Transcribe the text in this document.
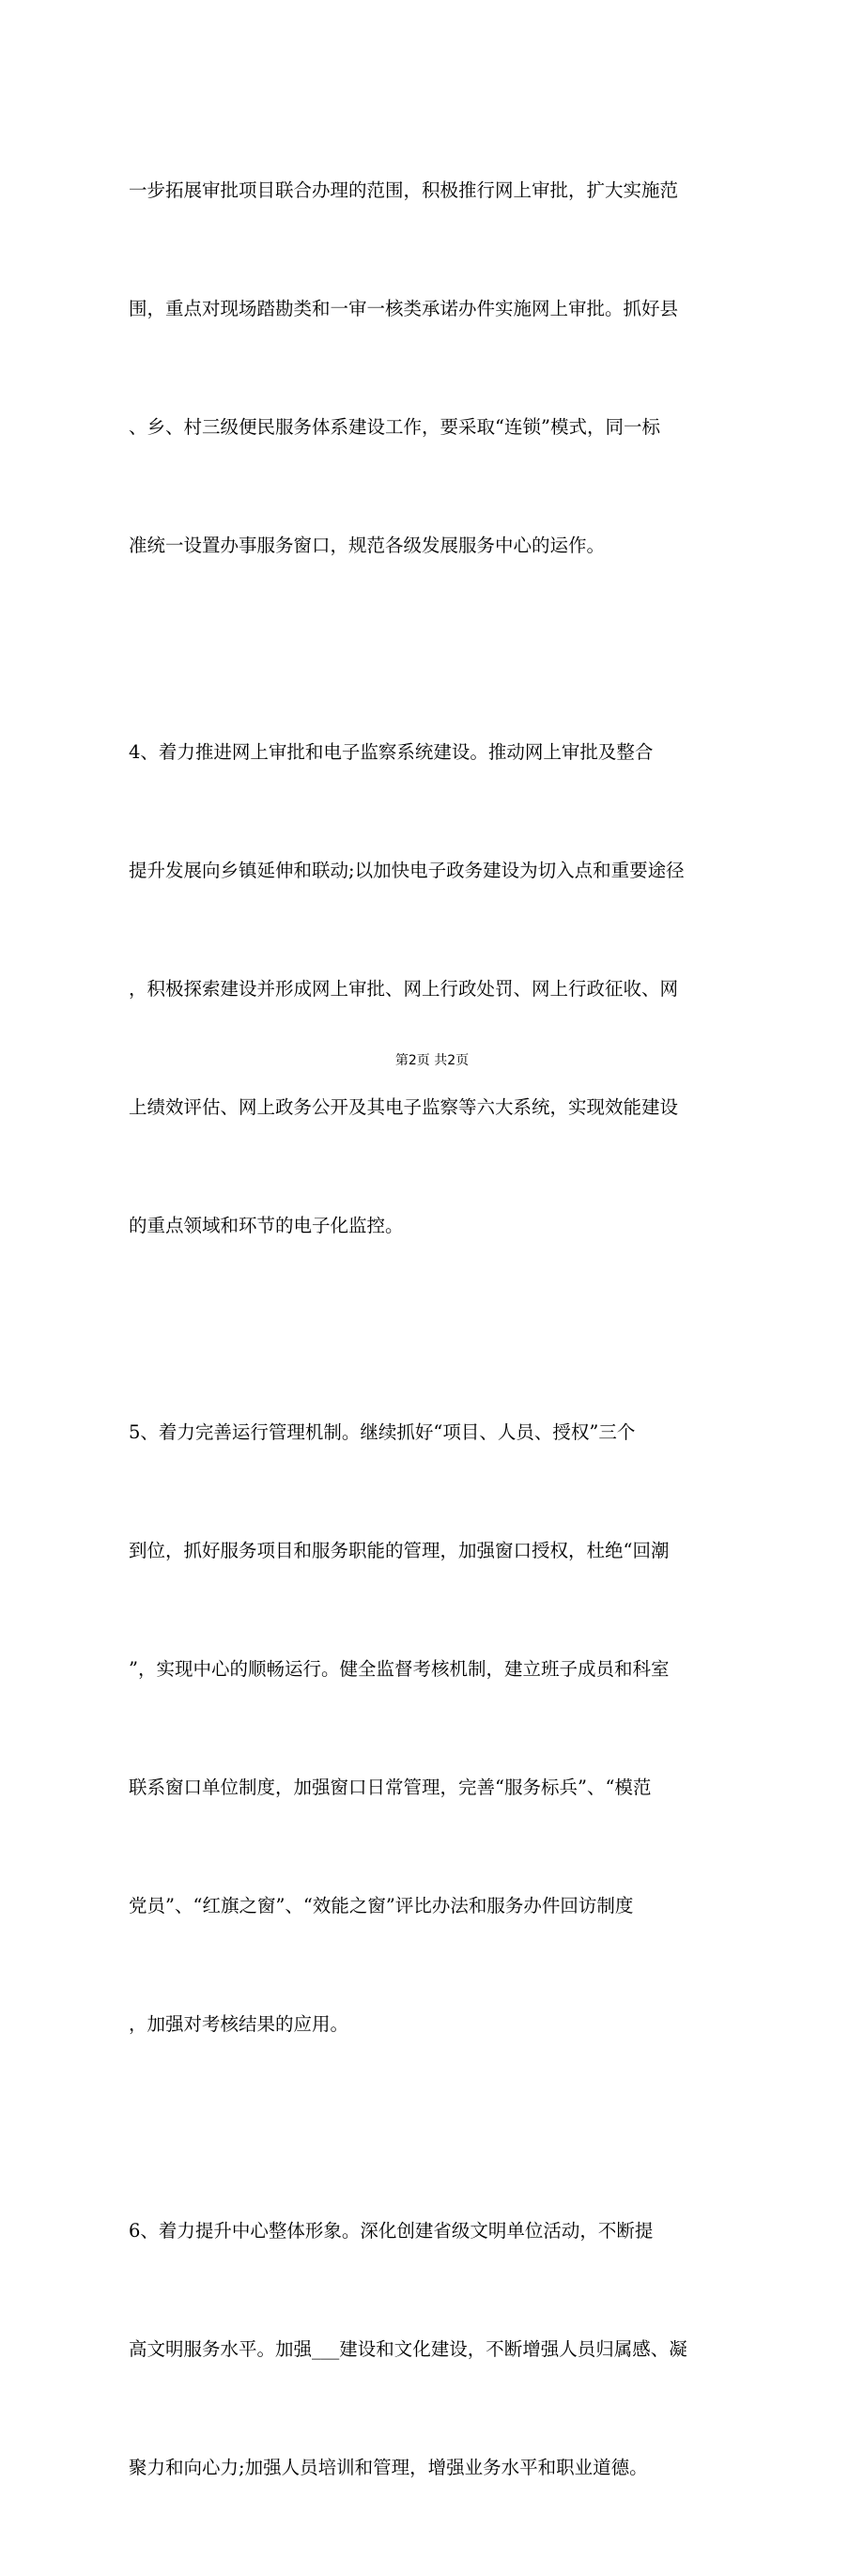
一步拓展审批项目联合办理的范围，积极推行网上审批，扩大实施范

围，重点对现场踏勘类和一审一核类承诺办件实施网上审批。抓好县

、乡、村三级便民服务体系建设工作，要采取“连锁”模式，同一标

准统一设置办事服务窗口，规范各级发展服务中心的运作。

4、着力推进网上审批和电子监察系统建设。推动网上审批及整合

提升发展向乡镇延伸和联动;以加快电子政务建设为切入点和重要途径

，积极探索建设并形成网上审批、网上行政处罚、网上行政征收、网

上绩效评估、网上政务公开及其电子监察等六大系统，实现效能建设

的重点领域和环节的电子化监控。

5、着力完善运行管理机制。继续抓好“项目、人员、授权”三个

到位，抓好服务项目和服务职能的管理，加强窗口授权，杜绝“回潮

”，实现中心的顺畅运行。健全监督考核机制，建立班子成员和科室

联系窗口单位制度，加强窗口日常管理，完善“服务标兵”、“模范

党员”、“红旗之窗”、“效能之窗”评比办法和服务办件回访制度

，加强对考核结果的应用。

6、着力提升中心整体形象。深化创建省级文明单位活动，不断提

高文明服务水平。加强___建设和文化建设，不断增强人员归属感、凝

聚力和向心力;加强人员培训和管理，增强业务水平和职业道德。

第2页 共2页
